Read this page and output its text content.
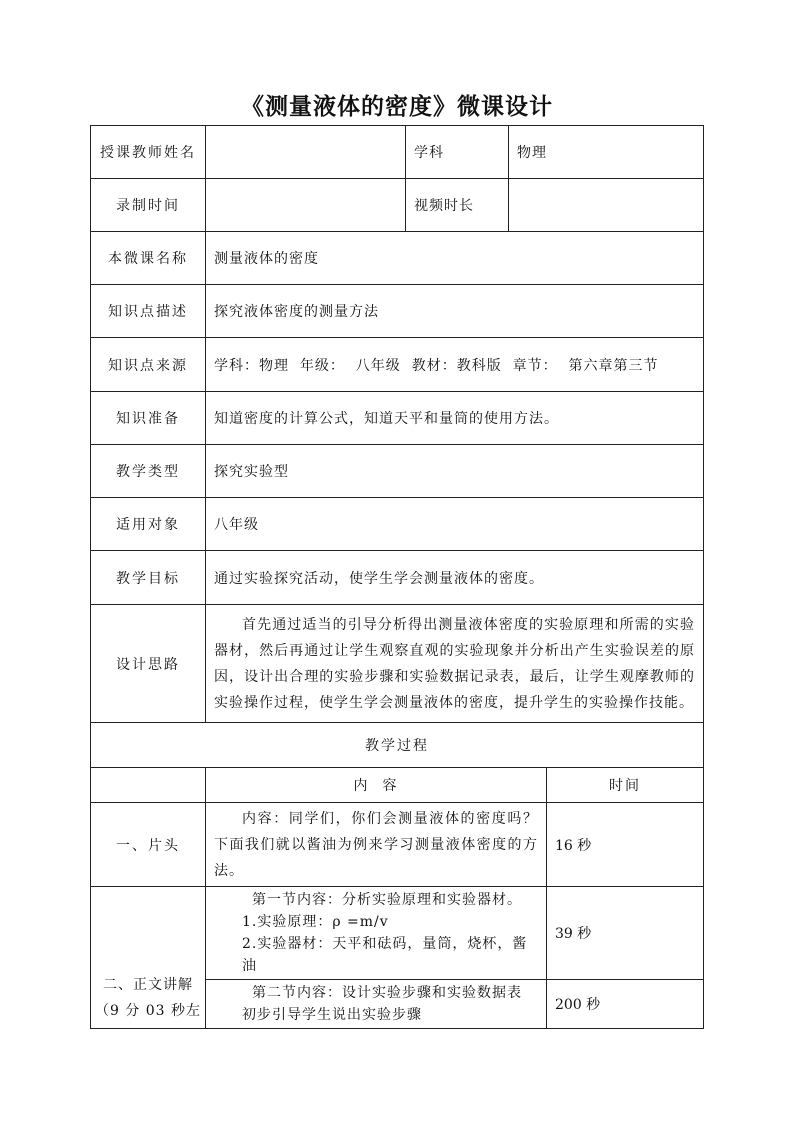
《测量液体的密度》微课设计
授课教师姓名		学科	物理	
录制时间		视频时长		
本微课名称	测量液体的密度			
知识点描述	探究液体密度的测量方法			
知识点来源	学科：物理  年级：  八年级  教材：教科版  章节：  第六章第三节			
知识准备	知道密度的计算公式，知道天平和量筒的使用方法。			
教学类型	探究实验型			
适用对象	八年级			
教学目标	通过实验探究活动，使学生学会测量液体的密度。			
设计思路	首先通过适当的引导分析得出测量液体密度的实验原理和所需的实验器材，然后再通过让学生观察直观的实验现象并分析出产生实验误差的原因，设计出合理的实验步骤和实验数据记录表，最后，让学生观摩教师的实验操作过程，使学生学会测量液体的密度，提升学生的实验操作技能。			
教学过程				
	内  容			时间
一、片头	内容：同学们，你们会测量液体的密度吗？下面我们就以酱油为例来学习测量液体密度的方法。			16 秒
二、正文讲解（9 分 03 秒左	第一节内容：分析实验原理和实验器材。
1.实验原理：ρ =m/v
2.实验器材：天平和砝码，量筒，烧杯，酱油			39 秒

	第二节内容：设计实验步骤和实验数据表
初步引导学生说出实验步骤			200 秒
